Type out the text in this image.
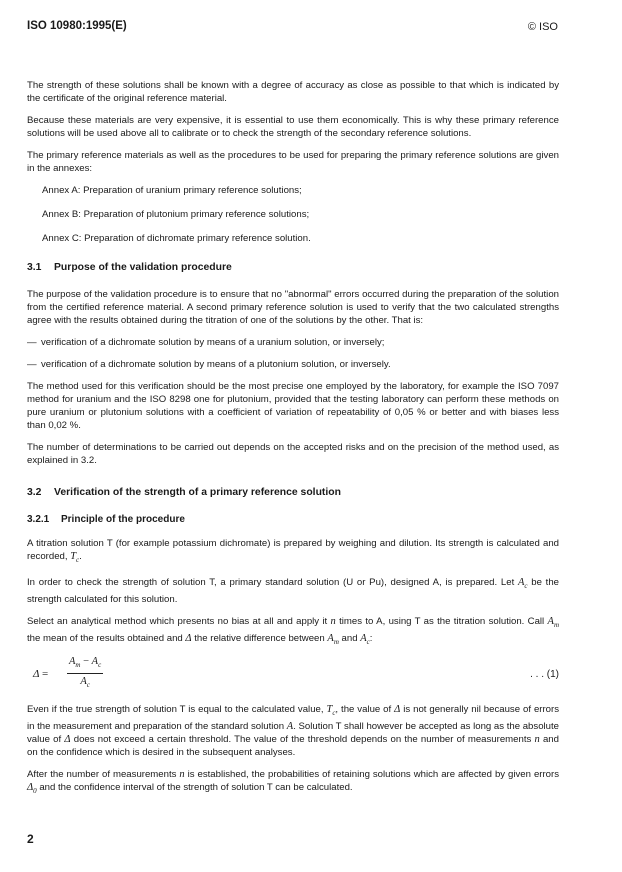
ISO 10980:1995(E)	© ISO

The strength of these solutions shall be known with a degree of accuracy as close as possible to that which is indicated by the certificate of the original reference material.

Because these materials are very expensive, it is essential to use them economically. This is why these primary reference solutions will be used above all to calibrate or to check the strength of the secondary reference solutions.

The primary reference materials as well as the procedures to be used for preparing the primary reference solutions are given in the annexes:

Annex A: Preparation of uranium primary reference solutions;

Annex B: Preparation of plutonium primary reference solutions;

Annex C: Preparation of dichromate primary reference solution.

3.1 Purpose of the validation procedure

The purpose of the validation procedure is to ensure that no "abnormal" errors occurred during the preparation of the solution from the certified reference material. A second primary reference solution is used to verify that the two calculated strengths agree with the results obtained during the titration of one of the solutions by the other. That is:

— verification of a dichromate solution by means of a uranium solution, or inversely;

— verification of a dichromate solution by means of a plutonium solution, or inversely.

The method used for this verification should be the most precise one employed by the laboratory, for example the ISO 7097 method for uranium and the ISO 8298 one for plutonium, provided that the testing laboratory can perform these methods on pure uranium or plutonium solutions with a coefficient of variation of repeatability of 0,05 % or better and with biases less than 0,02 %.

The number of determinations to be carried out depends on the accepted risks and on the precision of the method used, as explained in 3.2.

3.2 Verification of the strength of a primary reference solution
3.2.1 Principle of the procedure

A titration solution T (for example potassium dichromate) is prepared by weighing and dilution. Its strength is calculated and recorded, $T_c$.

In order to check the strength of solution T, a primary standard solution (U or Pu), designed A, is prepared. Let $A_c$ be the strength calculated for this solution.

Select an analytical method which presents no bias at all and apply it n times to A, using T as the titration solution. Call $A_m$ the mean of the results obtained and Δ the relative difference between $A_m$ and $A_c$:

$\Delta = \frac{A_m - A_c}{A_c}$	. . . (1)

Even if the true strength of solution T is equal to the calculated value, $T_c$, the value of Δ is not generally nil because of errors in the measurement and preparation of the standard solution A. Solution T shall however be accepted as long as the absolute value of Δ does not exceed a certain threshold. The value of the threshold depends on the number of measurements n and on the confidence which is desired in the subsequent analyses.

After the number of measurements n is established, the probabilities of retaining solutions which are affected by given errors $\Delta_0$ and the confidence interval of the strength of solution T can be calculated.

2
